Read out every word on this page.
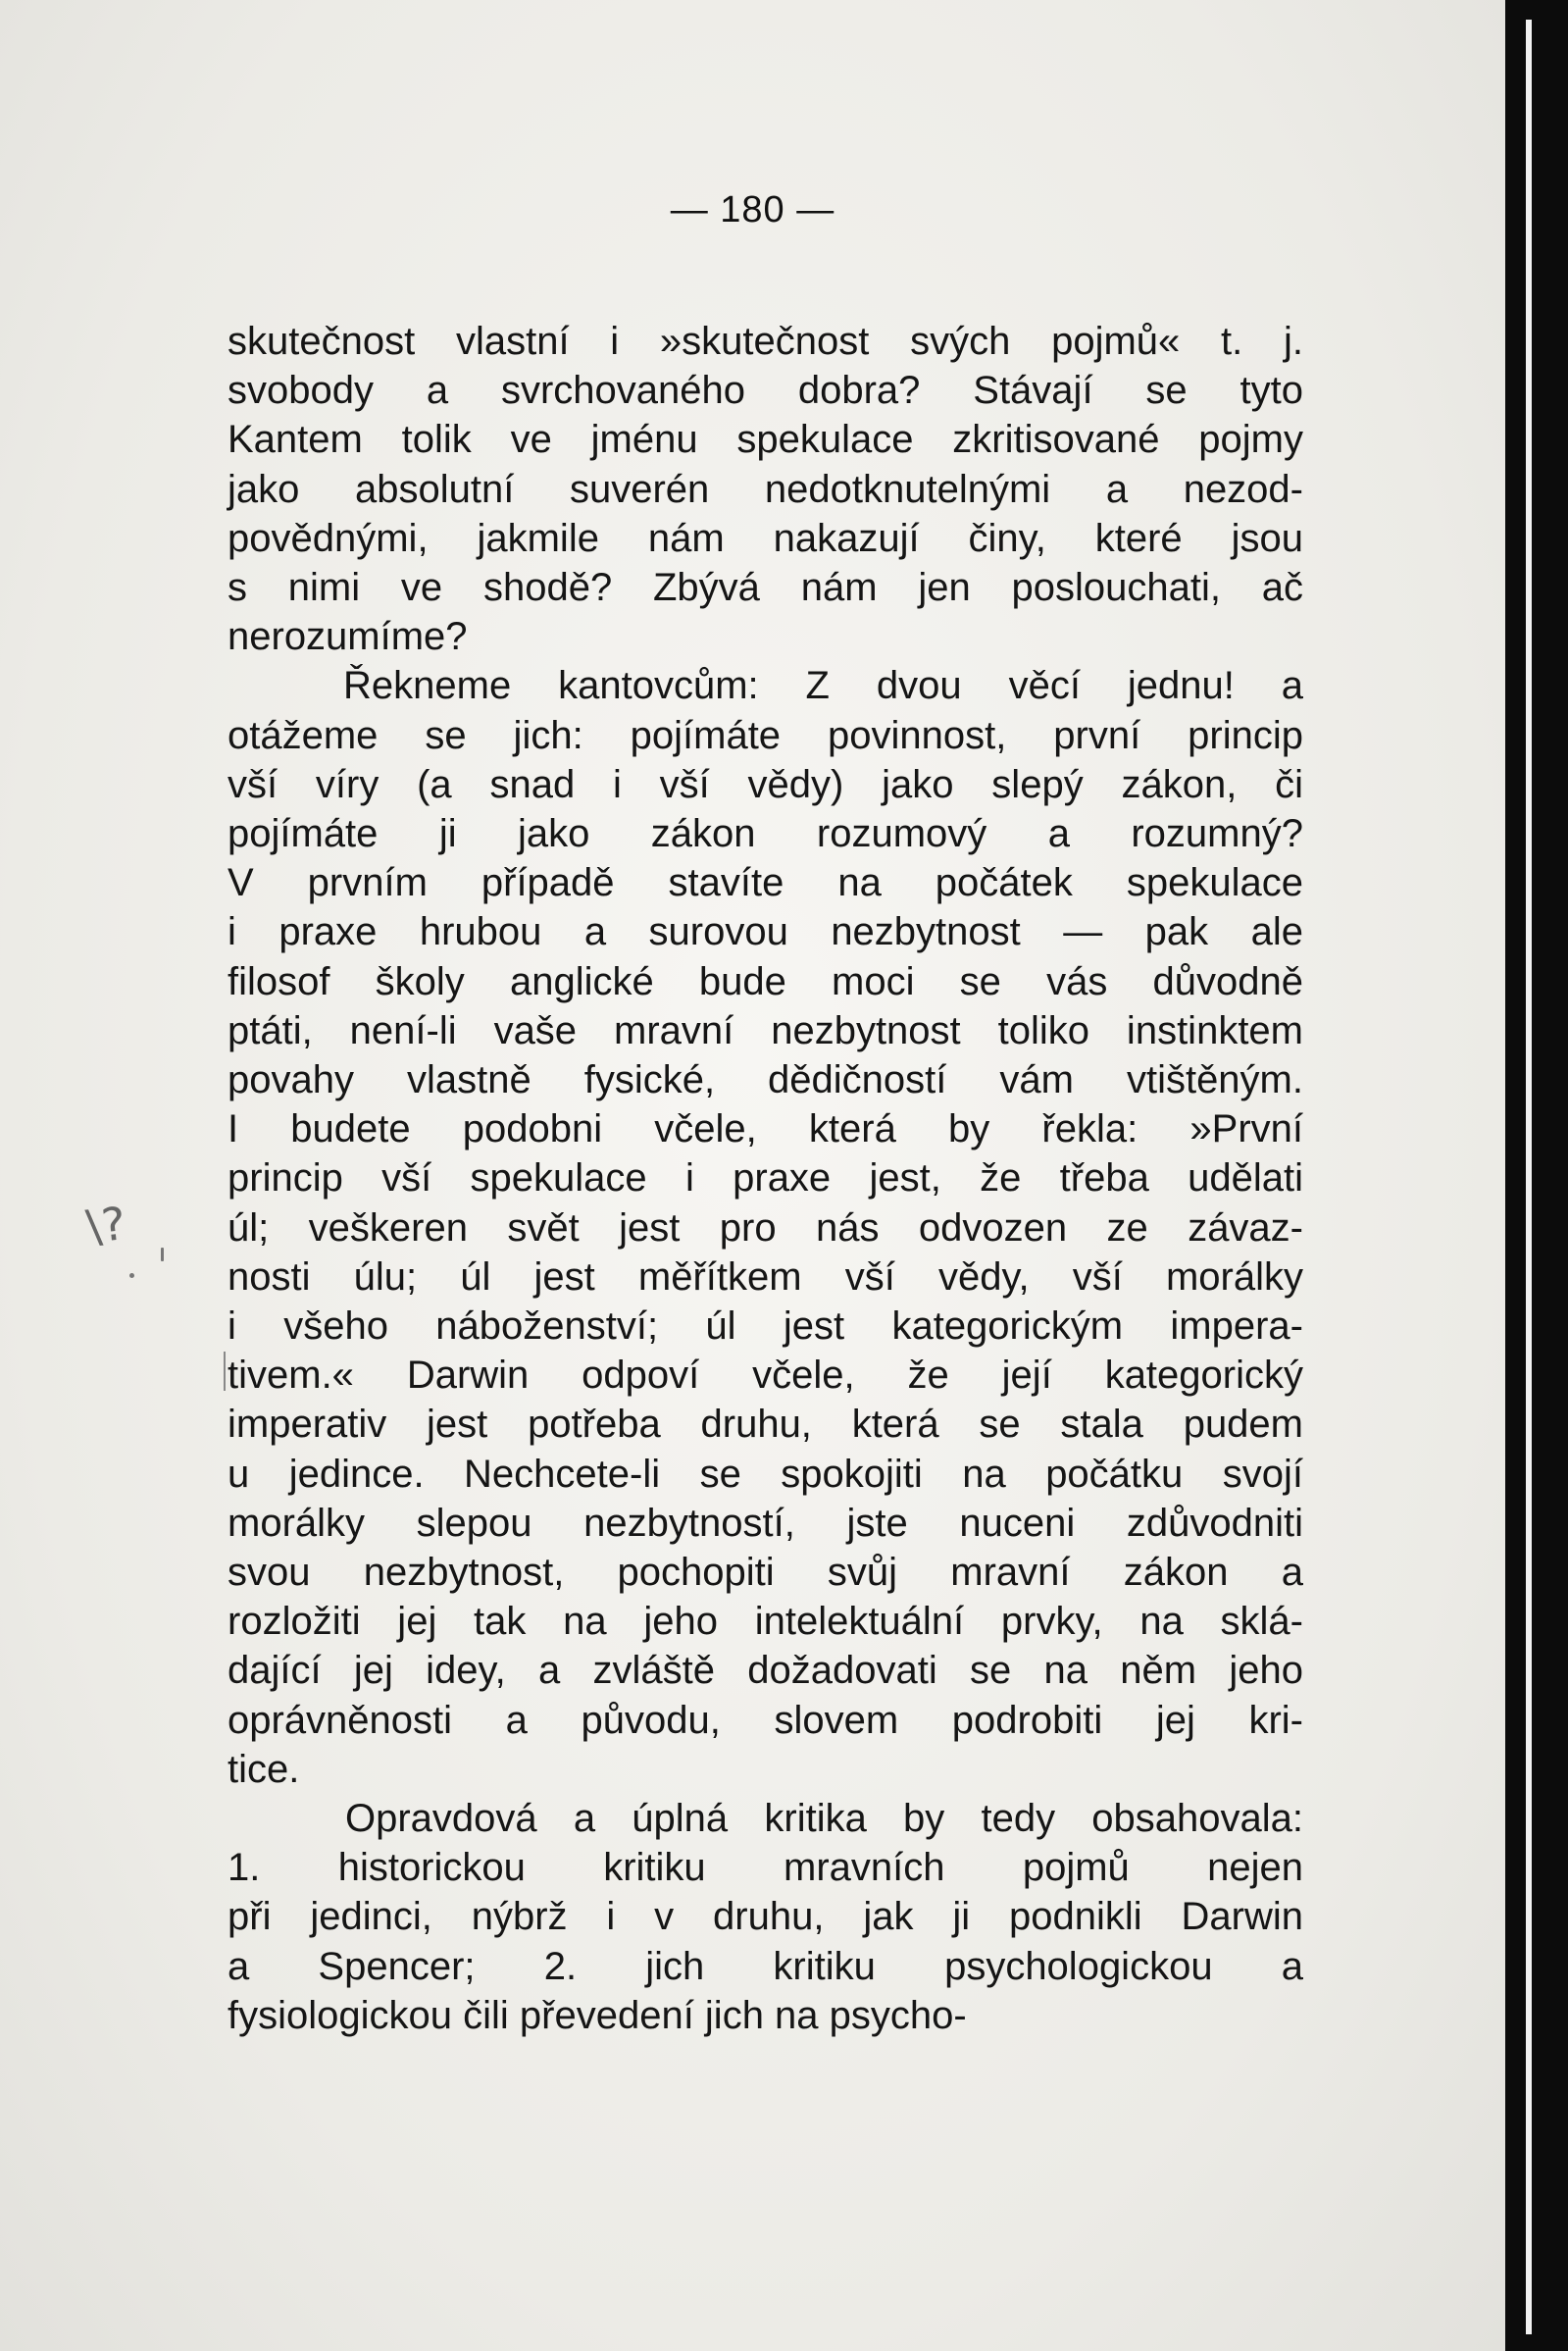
— 180 —
skutečnost vlastní i »skutečnost svých pojmů« t. j.
svobody a svrchovaného dobra? Stávají se tyto
Kantem tolik ve jménu spekulace zkritisované pojmy
jako absolutní suverén nedotknutelnými a nezod-
povědnými, jakmile nám nakazují činy, které jsou
s nimi ve shodě? Zbývá nám jen poslouchati, ač
nerozumíme?
Řekneme kantovcům: Z dvou věcí jednu! a
otážeme se jich: pojímáte povinnost, první princip
vší víry (a snad i vší vědy) jako slepý zákon, či
pojímáte ji jako zákon rozumový a rozumný?
V prvním případě stavíte na počátek spekulace
i praxe hrubou a surovou nezbytnost — pak ale
filosof školy anglické bude moci se vás důvodně
ptáti, není-li vaše mravní nezbytnost toliko instinktem
povahy vlastně fysické, dědičností vám vtištěným.
I budete podobni včele, která by řekla: »První
princip vší spekulace i praxe jest, že třeba udělati
úl; veškeren svět jest pro nás odvozen ze závaz-
nosti úlu; úl jest měřítkem vší vědy, vší morálky
i všeho náboženství; úl jest kategorickým impera-
tivem.« Darwin odpoví včele, že její kategorický
imperativ jest potřeba druhu, která se stala pudem
u jedince. Nechcete-li se spokojiti na počátku svojí
morálky slepou nezbytností, jste nuceni zdůvodniti
svou nezbytnost, pochopiti svůj mravní zákon a
rozložiti jej tak na jeho intelektuální prvky, na sklá-
dající jej idey, a zvláště dožadovati se na něm jeho
oprávněnosti a původu, slovem podrobiti jej kri-
tice.
Opravdová a úplná kritika by tedy obsahovala:
1. historickou kritiku mravních pojmů nejen
při jedinci, nýbrž i v druhu, jak ji podnikli Darwin
a Spencer; 2. jich kritiku psychologickou a
fysiologickou čili převedení jich na psycho-
\?
